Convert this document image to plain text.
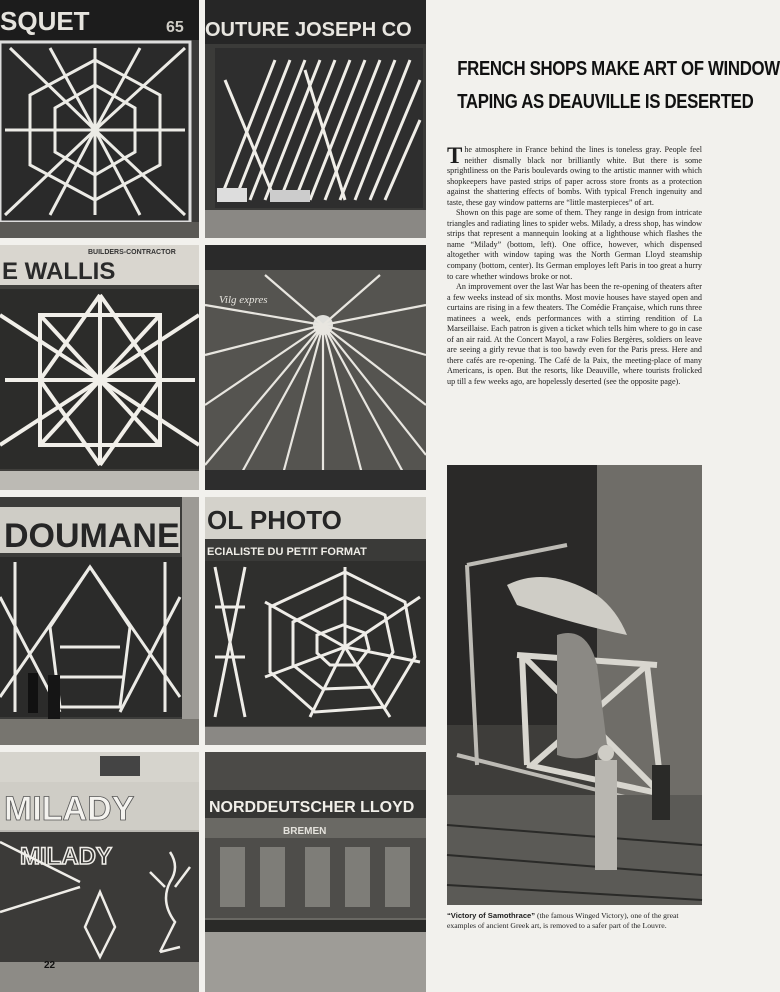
SQUET	65 OUTURE JOSEPH CO
BUILDERS-CONTRACTOR
E WALLIS
Vilg expres
DOUMANE OL PHOTO
ECIALISTE DU PETIT FORMAT
MILADY
MILADY
NORDDEUTSCHER LLOYD
BREMEN
FRENCH SHOPS MAKE ART OF WINDOW
TAPING AS DEAUVILLE IS DESERTED

The atmosphere in France behind the lines is toneless gray. People feel neither dismally black nor brilliantly white. But there is some sprightliness on the Paris boulevards owing to the artistic manner with which shopkeepers have pasted strips of paper across store fronts as a protection against the shattering effects of bombs. With typical French ingenuity and taste, these gay window patterns are “little masterpieces” of art.

Shown on this page are some of them. They range in design from intricate triangles and radiating lines to spider webs. Milady, a dress shop, has window strips that represent a mannequin looking at a lighthouse which flashes the name “Milady” (bottom, left). One office, however, which dispensed altogether with window taping was the North German Lloyd steamship company (bottom, center). Its German employes left Paris in too great a hurry to care whether windows broke or not.

An improvement over the last War has been the re-opening of theaters after a few weeks instead of six months. Most movie houses have stayed open and curtains are rising in a few theaters. The Comédie Française, which runs three matinees a week, ends performances with a stirring rendition of La Marseillaise. Each patron is given a ticket which tells him where to go in case of an air raid. At the Concert Mayol, a raw Folies Bergères, soldiers on leave are seeing a girly revue that is too bawdy even for the Paris press. Here and there cafés are re-opening. The Café de la Paix, the meeting-place of many Americans, is open. But the resorts, like Deauville, where tourists frolicked up till a few weeks ago, are hopelessly deserted (see the opposite page).

“Victory of Samothrace” (the famous Winged Victory), one of the great examples of ancient Greek art, is removed to a safer part of the Louvre.
22
